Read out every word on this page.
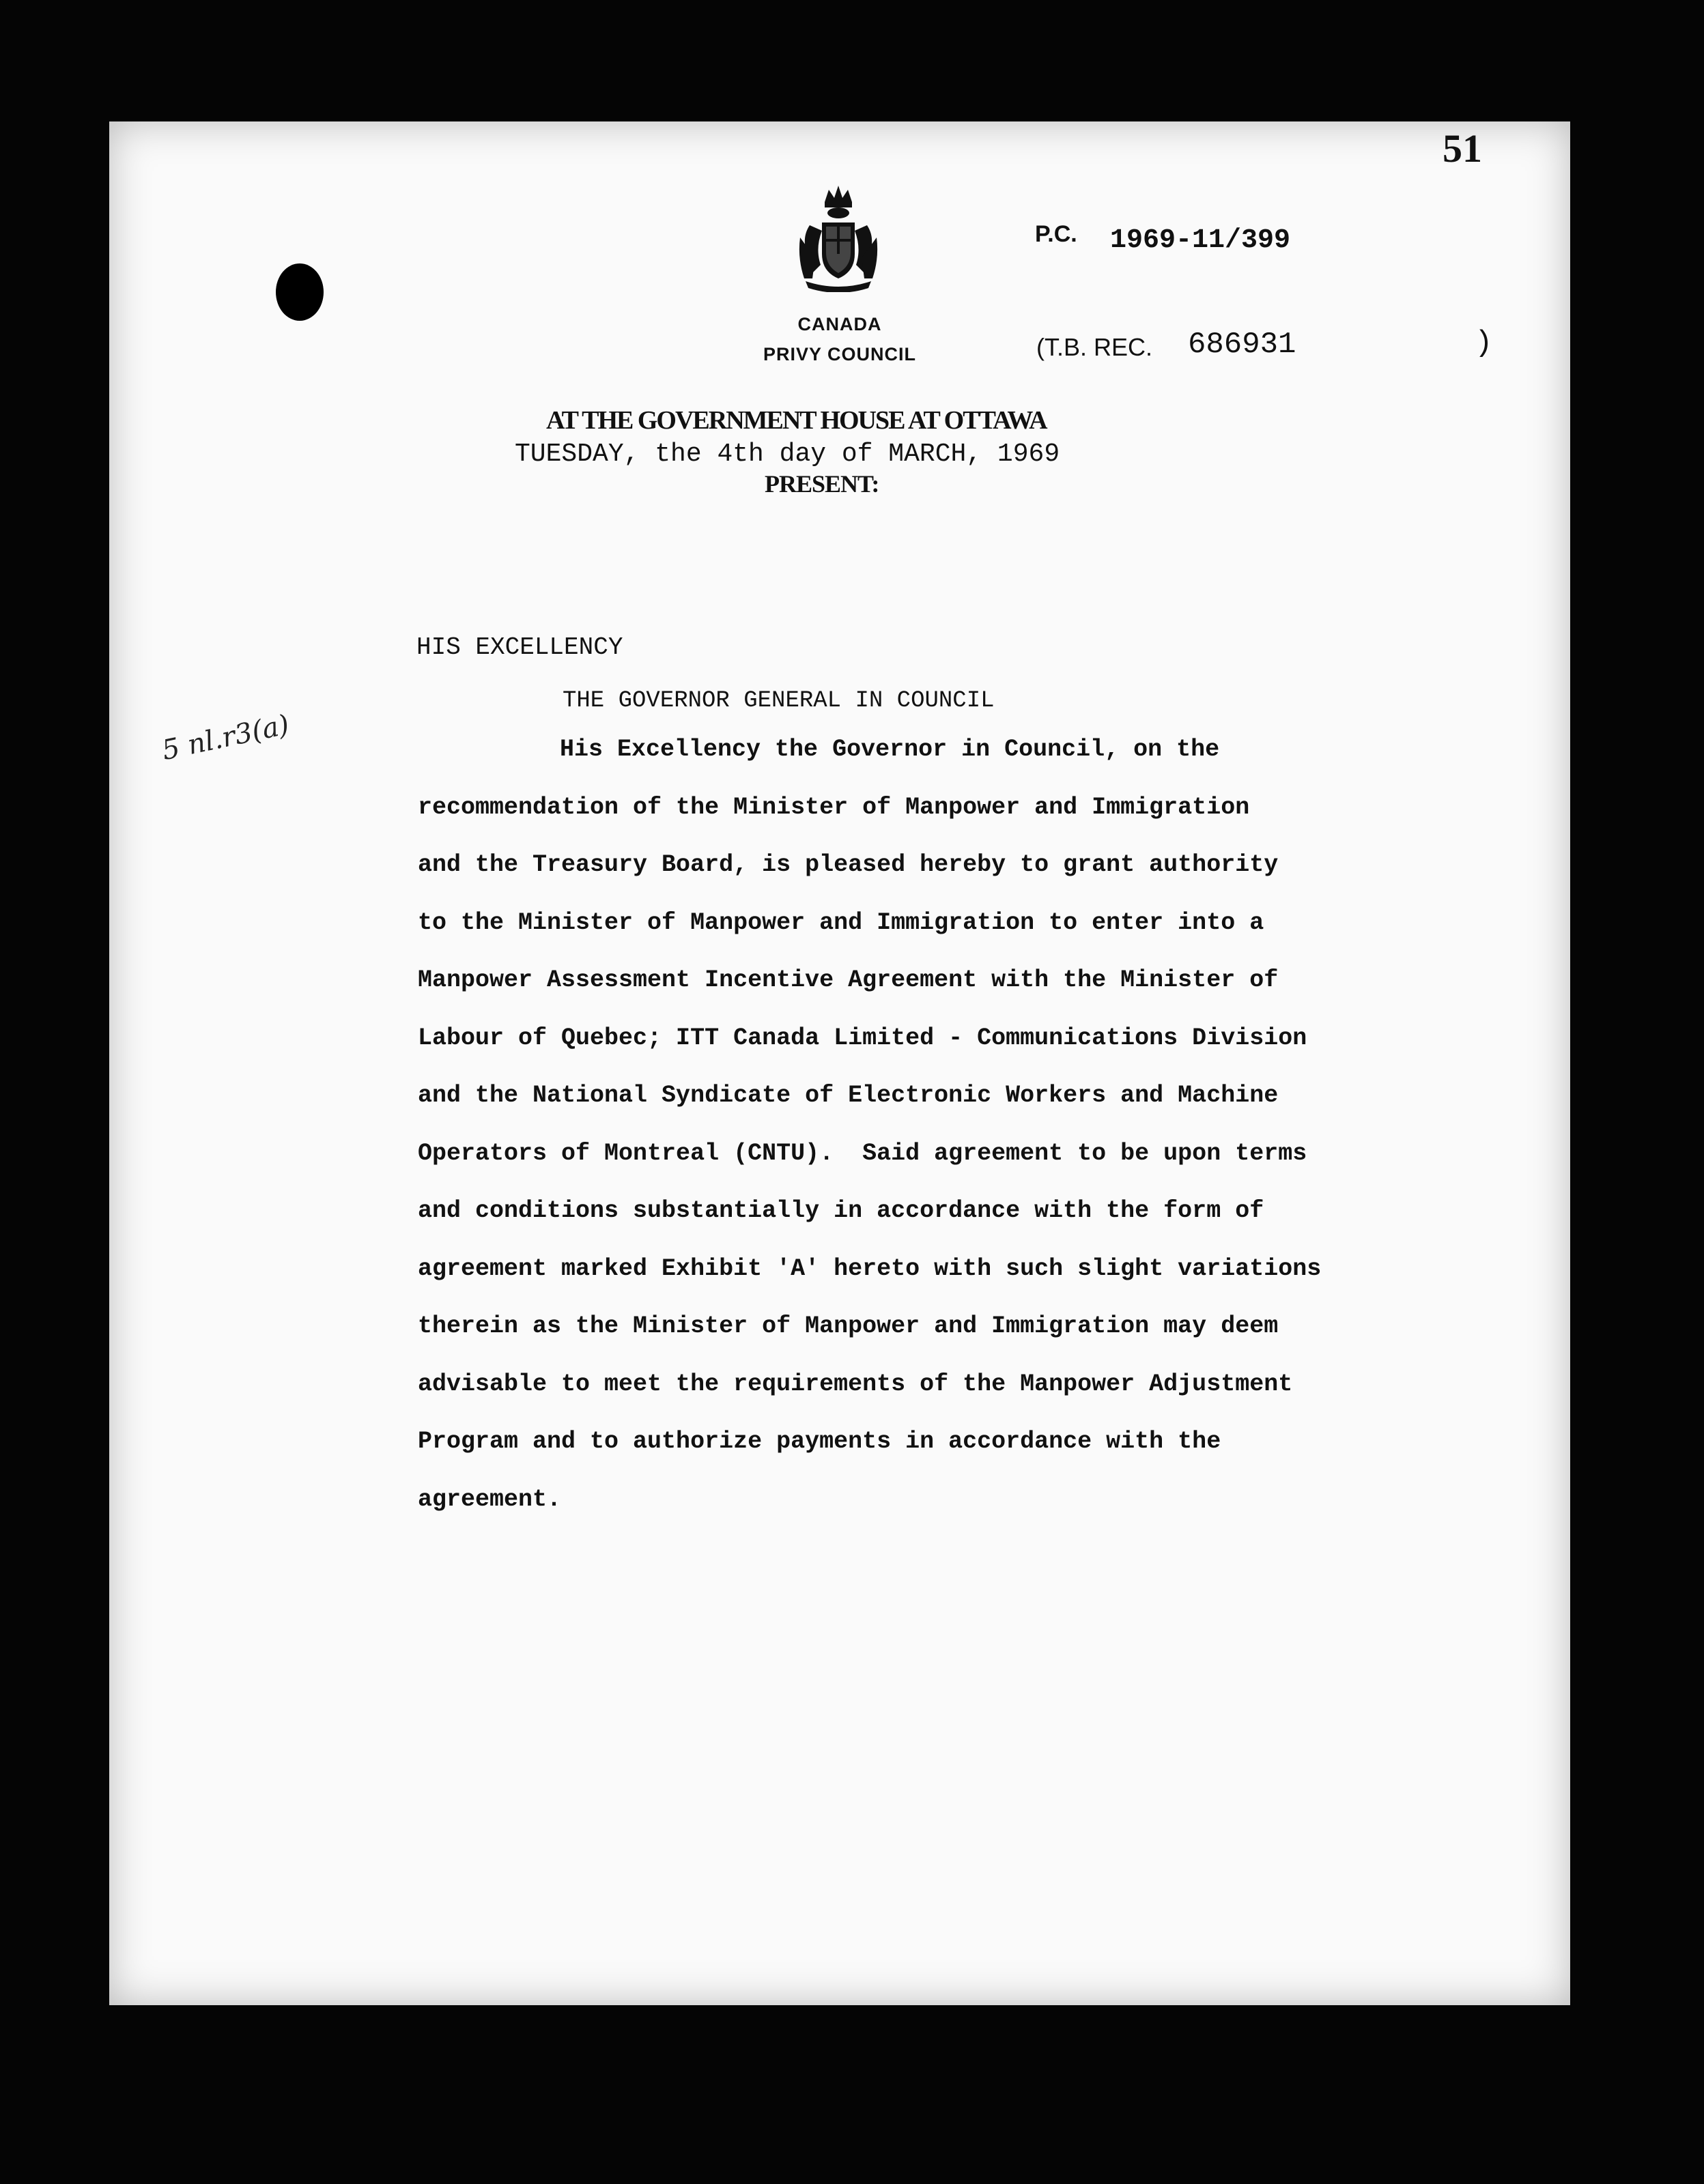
51
CANADA
PRIVY COUNCIL
P.C. 1969-11/399
(T.B. REC. 686931	)
AT THE GOVERNMENT HOUSE AT OTTAWA
TUESDAY, the 4th day of MARCH, 1969
PRESENT:
HIS EXCELLENCY
THE GOVERNOR GENERAL IN COUNCIL
5 nl.r3(a)	His Excellency the Governor in Council, on the
recommendation of the Minister of Manpower and Immigration
and the Treasury Board, is pleased hereby to grant authority
to the Minister of Manpower and Immigration to enter into a
Manpower Assessment Incentive Agreement with the Minister of
Labour of Quebec; ITT Canada Limited - Communications Division
and the National Syndicate of Electronic Workers and Machine
Operators of Montreal (CNTU).  Said agreement to be upon terms
and conditions substantially in accordance with the form of
agreement marked Exhibit 'A' hereto with such slight variations
therein as the Minister of Manpower and Immigration may deem
advisable to meet the requirements of the Manpower Adjustment
Program and to authorize payments in accordance with the
agreement.
